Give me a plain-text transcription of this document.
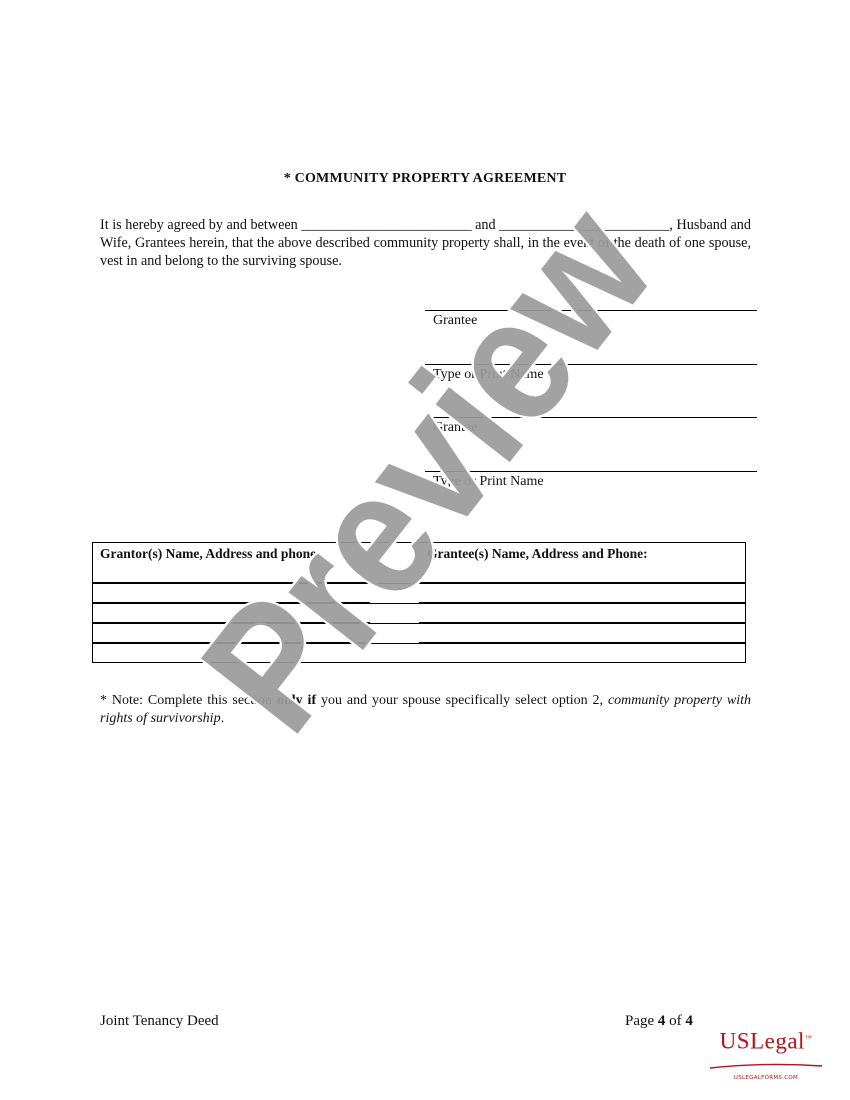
* COMMUNITY PROPERTY AGREEMENT
It is hereby agreed by and between ________________________ and ________________________, Husband and Wife, Grantees herein, that the above described community property shall, in the event of the death of one spouse, vest in and belong to the surviving spouse.
Grantee
Type or Print Name
Grantee
Type or Print Name
Grantor(s) Name, Address and phone:	Grantee(s) Name, Address and Phone:
* Note: Complete this section only if you and your spouse specifically select option 2, community property with rights of survivorship.
Joint Tenancy Deed	Page 4 of 4
USLegal™
USLEGALFORMS.COM
Preview
